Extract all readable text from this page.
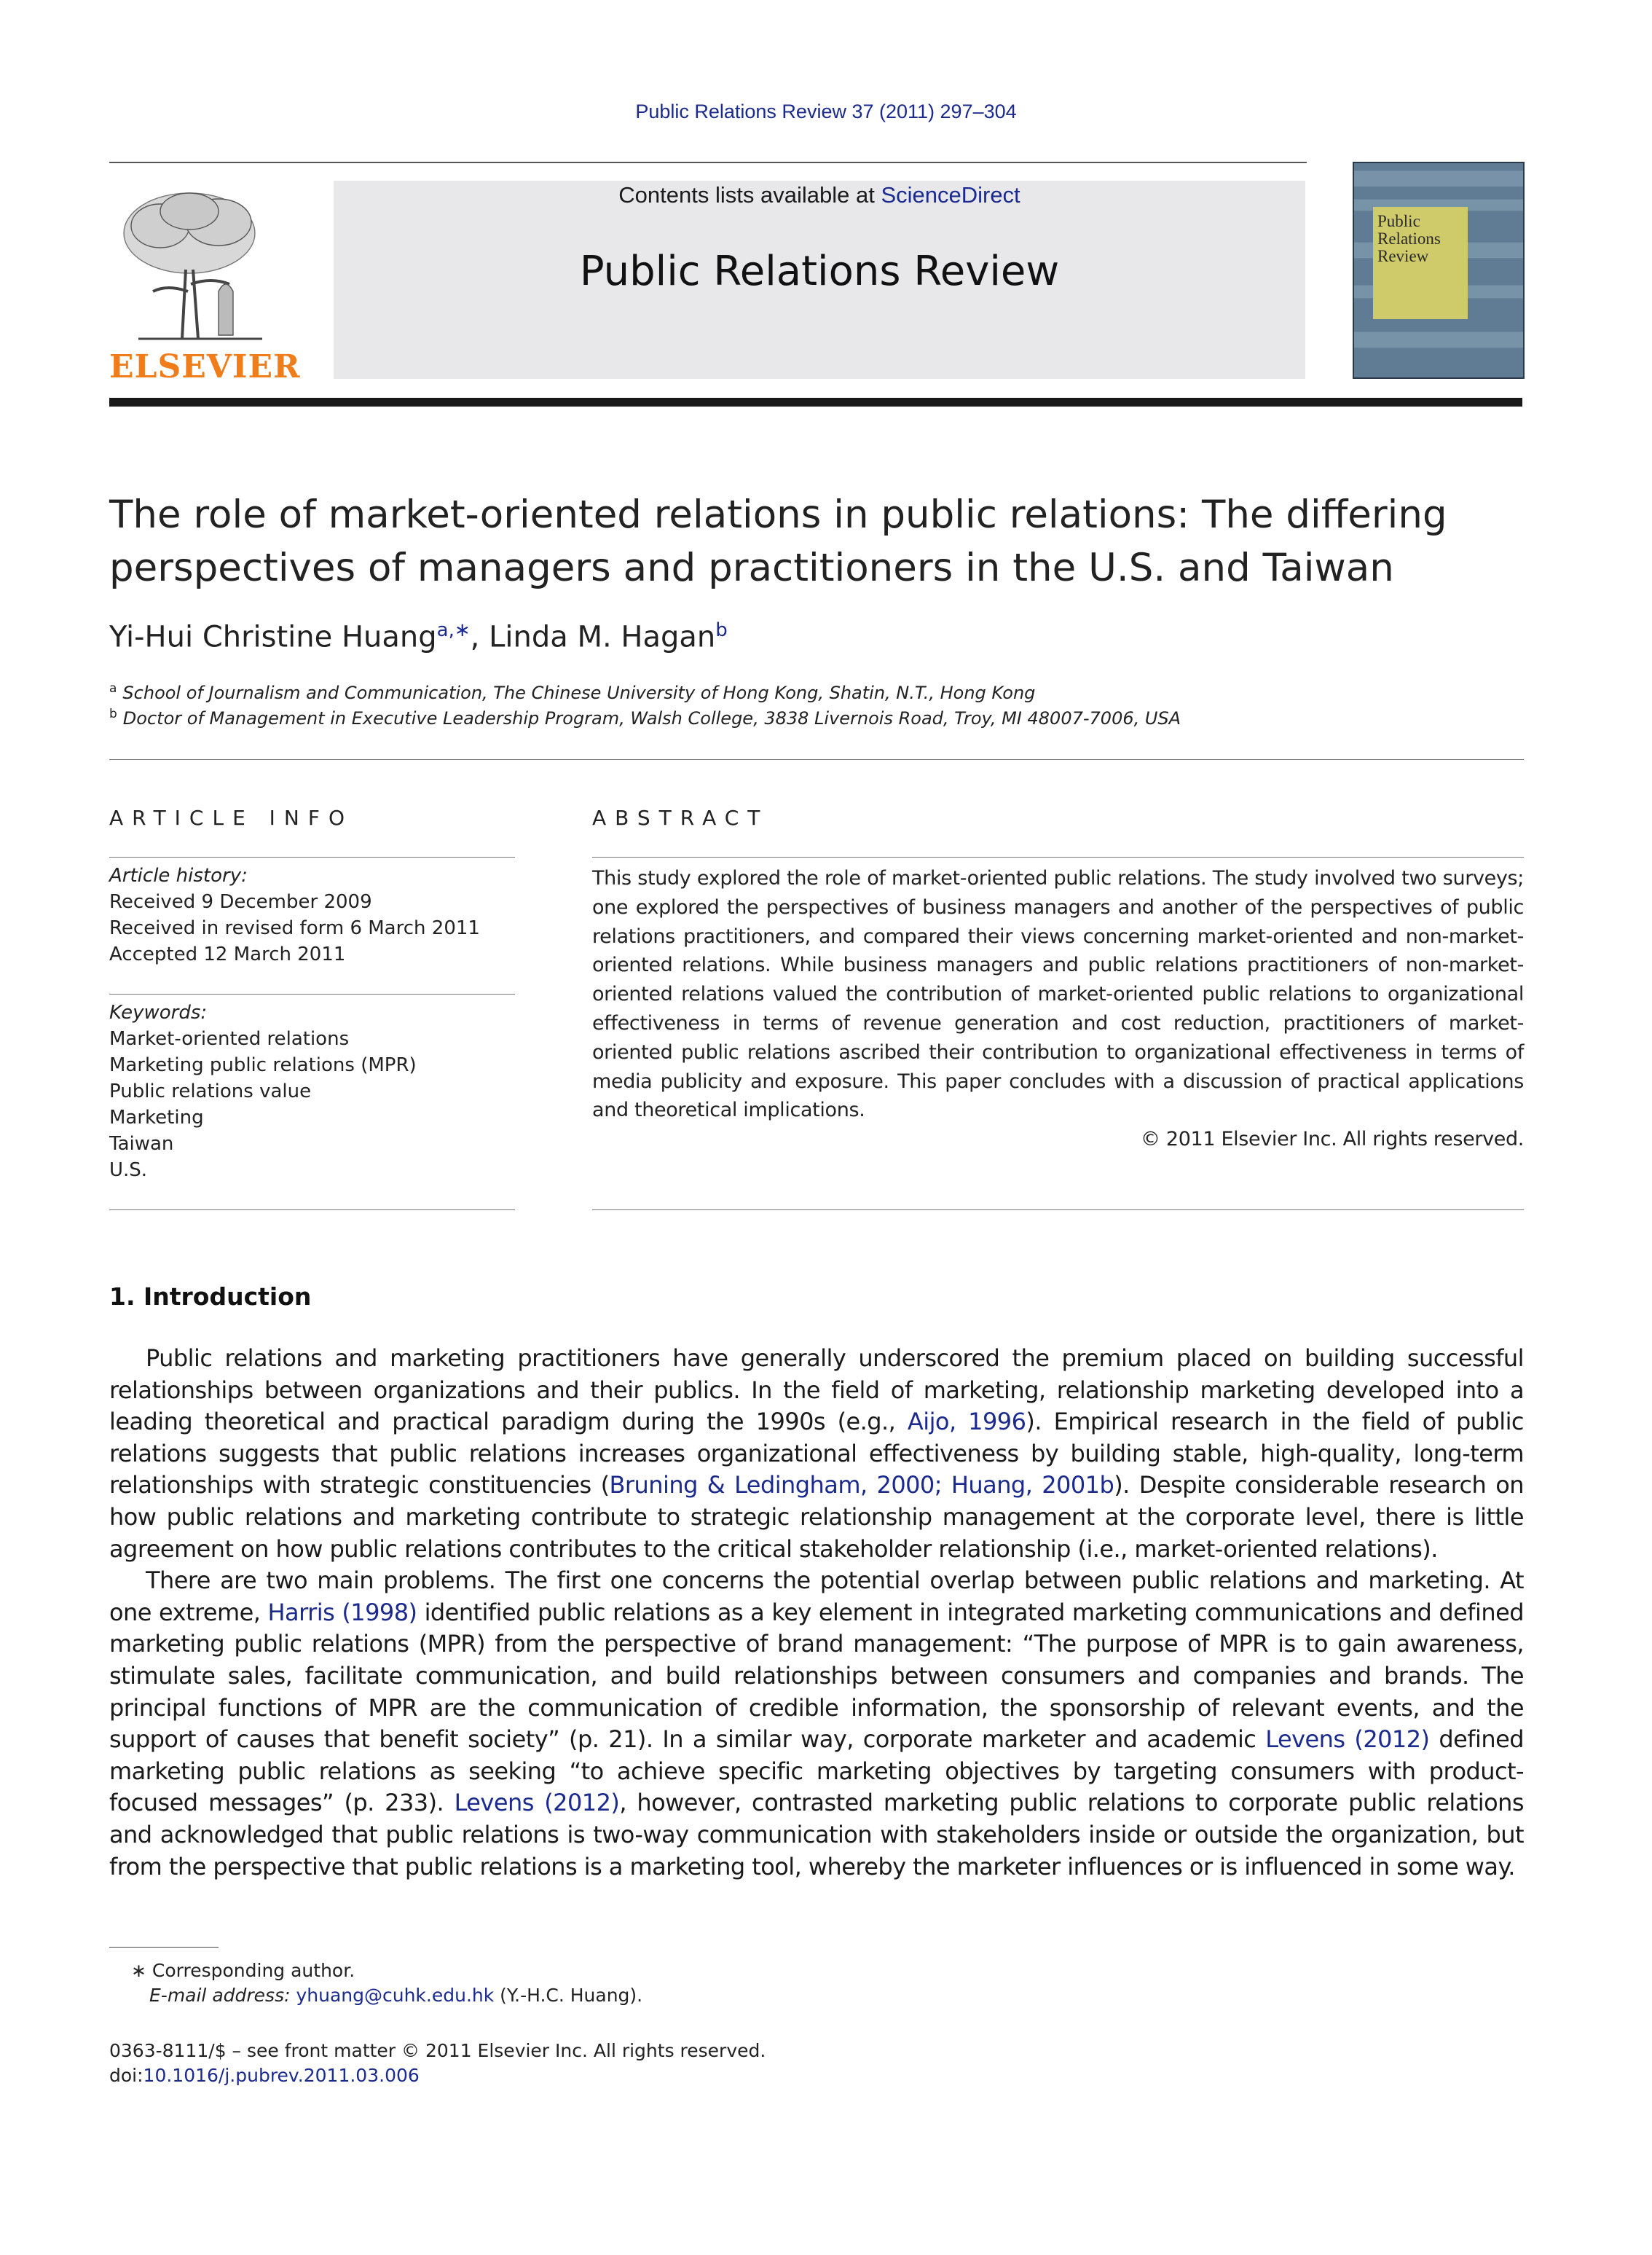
Public Relations Review 37 (2011) 297–304
ELSEVIER
Contents lists available at ScienceDirect
Public Relations Review
Public Relations Review
The role of market-oriented relations in public relations: The differing perspectives of managers and practitioners in the U.S. and Taiwan
Yi-Hui Christine Huang$^{a,∗}$, Linda M. Hagan$^b$
$^a$ School of Journalism and Communication, The Chinese University of Hong Kong, Shatin, N.T., Hong Kong
$^b$ Doctor of Management in Executive Leadership Program, Walsh College, 3838 Livernois Road, Troy, MI 48007-7006, USA
ARTICLE INFO	ABSTRACT
Article history:
Received 9 December 2009
Received in revised form 6 March 2011
Accepted 12 March 2011
Keywords:
Market-oriented relations
Marketing public relations (MPR)
Public relations value
Marketing
Taiwan
U.S.
This study explored the role of market-oriented public relations. The study involved two surveys; one explored the perspectives of business managers and another of the perspectives of public relations practitioners, and compared their views concerning market-oriented and non-market-oriented relations. While business managers and public relations practitioners of non-market-oriented relations valued the contribution of market-oriented public relations to organizational effectiveness in terms of revenue generation and cost reduction, practitioners of market-oriented public relations ascribed their contribution to organizational effectiveness in terms of media publicity and exposure. This paper concludes with a discussion of practical applications and theoretical implications.
© 2011 Elsevier Inc. All rights reserved.
1. Introduction

Public relations and marketing practitioners have generally underscored the premium placed on building successful relationships between organizations and their publics. In the field of marketing, relationship marketing developed into a leading theoretical and practical paradigm during the 1990s (e.g., Aijo, 1996). Empirical research in the field of public relations suggests that public relations increases organizational effectiveness by building stable, high-quality, long-term relationships with strategic constituencies (Bruning & Ledingham, 2000; Huang, 2001b). Despite considerable research on how public relations and marketing contribute to strategic relationship management at the corporate level, there is little agreement on how public relations contributes to the critical stakeholder relationship (i.e., market-oriented relations).

There are two main problems. The first one concerns the potential overlap between public relations and marketing. At one extreme, Harris (1998) identified public relations as a key element in integrated marketing communications and defined marketing public relations (MPR) from the perspective of brand management: “The purpose of MPR is to gain awareness, stimulate sales, facilitate communication, and build relationships between consumers and companies and brands. The principal functions of MPR are the communication of credible information, the sponsorship of relevant events, and the support of causes that benefit society” (p. 21). In a similar way, corporate marketer and academic Levens (2012) defined marketing public relations as seeking “to achieve specific marketing objectives by targeting consumers with product-focused messages” (p. 233). Levens (2012), however, contrasted marketing public relations to corporate public relations and acknowledged that public relations is two-way communication with stakeholders inside or outside the organization, but from the perspective that public relations is a marketing tool, whereby the marketer influences or is influenced in some way.

∗ Corresponding author.
E-mail address: yhuang@cuhk.edu.hk (Y.-H.C. Huang).
0363-8111/$ – see front matter © 2011 Elsevier Inc. All rights reserved.
doi:10.1016/j.pubrev.2011.03.006
